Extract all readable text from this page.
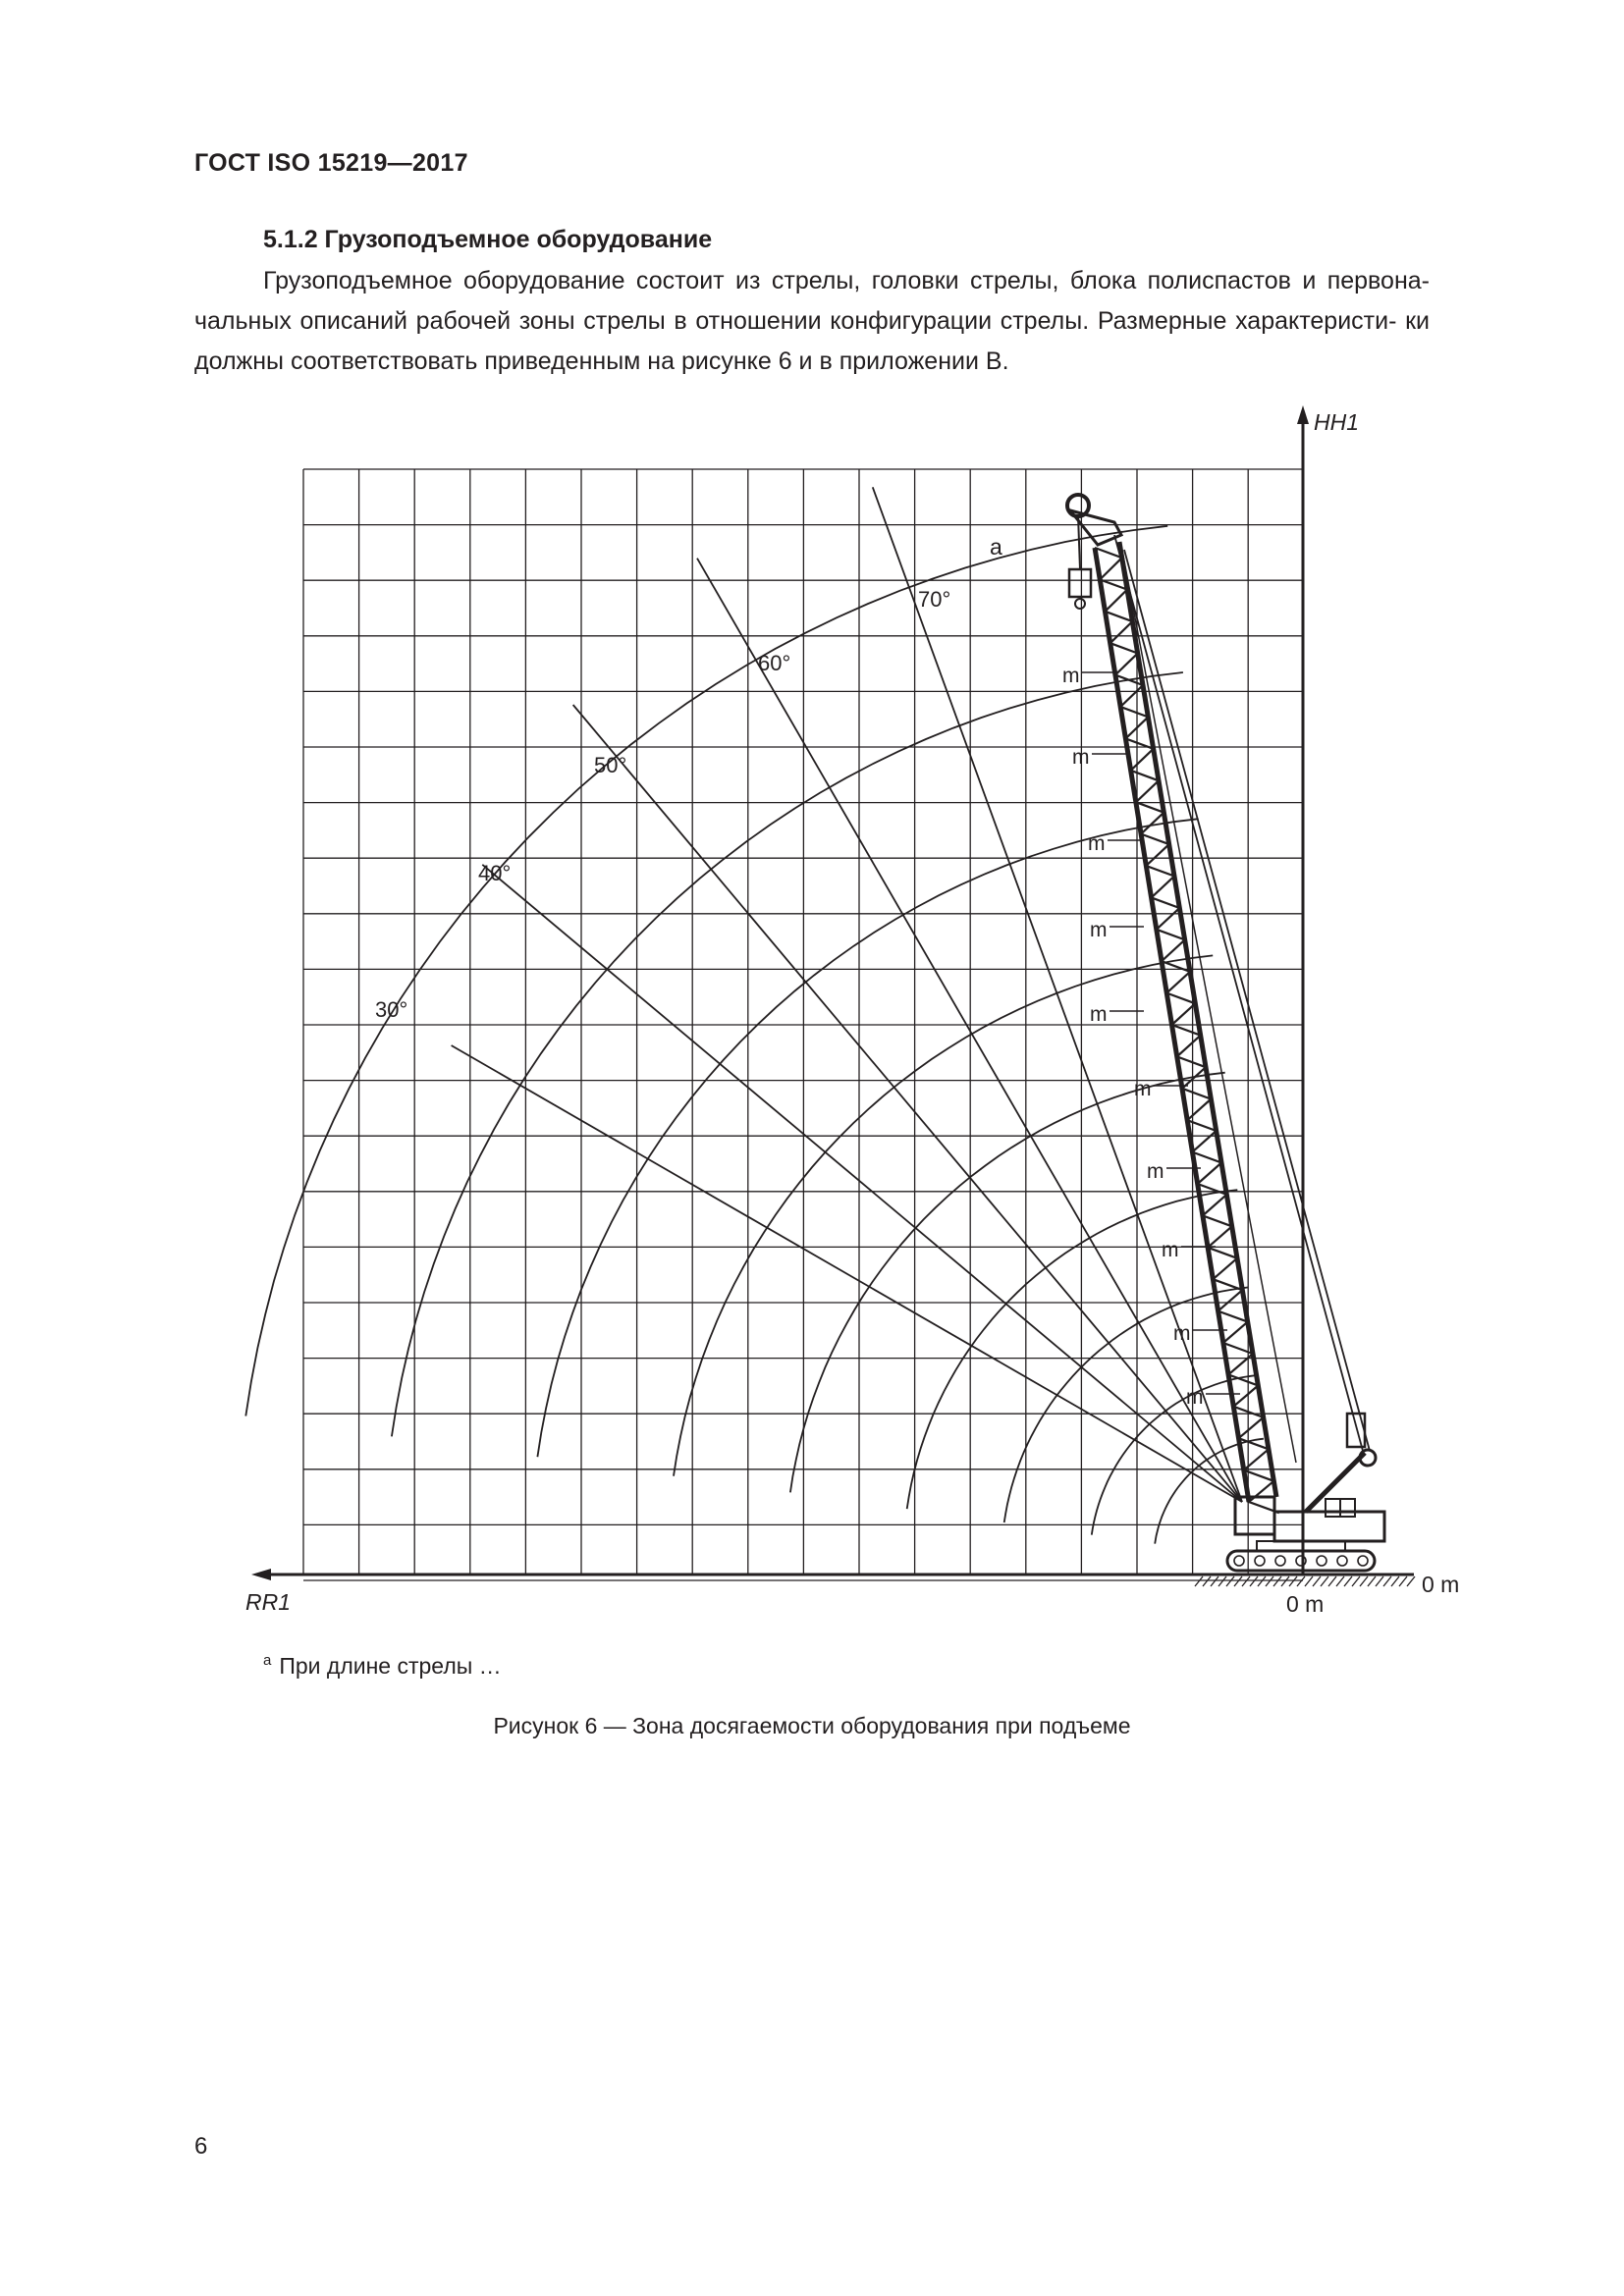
ГОСТ ISO 15219—2017
5.1.2 Грузоподъемное оборудование
Грузоподъемное оборудование состоит из стрелы, головки стрелы, блока полиспастов и первона- чальных описаний рабочей зоны стрелы в отношении конфигурации стрелы. Размерные характеристи- ки должны соответствовать приведенным на рисунке 6 и в приложении В.
HH1
RR1	0 m
0 m
a
30°
40°
50°
60°
70°
m
m
m
m
m
m
m
m
m
m
$^a$ При длине стрелы …
Рисунок 6 — Зона досягаемости оборудования при подъеме
6
